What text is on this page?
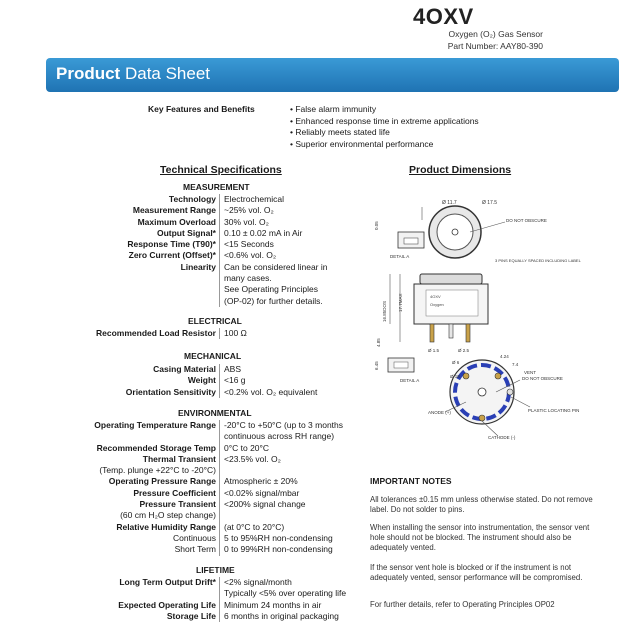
4OXV
Oxygen (O₂) Gas Sensor
Part Number: AAY80-390
Product Data Sheet
Key Features and Benefits	• False alarm immunity
• Enhanced response time in extreme applications
• Reliably meets stated life
• Superior environmental performance
Technical Specifications
MEASUREMENT
Technology	Electrochemical
Measurement Range	~25% vol. O₂
Maximum Overload	30% vol. O₂
Output Signal*	0.10 ± 0.02 mA in Air
Response Time (T90)*	<15 Seconds
Zero Current (Offset)*	<0.6% vol. O₂
Linearity	Can be considered linear in
	many cases.
	See Operating Principles
	(OP-02) for further details.
ELECTRICAL
Recommended Load Resistor	100 Ω
MECHANICAL
Casing Material	ABS
Weight	<16 g
Orientation Sensitivity	<0.2% vol. O₂ equivalent
ENVIRONMENTAL
Operating Temperature Range	-20°C to +50°C (up to 3 months
	continuous across RH range)
Recommended Storage Temp	0°C to 20°C
Thermal Transient	<23.5% vol. O₂
(Temp. plunge +22°C to -20°C)	
Operating Pressure Range	Atmospheric ± 20%
Pressure Coefficient	<0.02% signal/mbar
Pressure Transient	<200% signal change
(60 cm H₂O step change)	
Relative Humidity Range	(at 0°C to 20°C)
Continuous	5 to 95%RH non-condensing
Short Term	0 to 99%RH non-condensing
LIFETIME
Long Term Output Drift*	<2% signal/month
	Typically <5% over operating life
Expected Operating Life	Minimum 24 months in air
Storage Life	6 months in original packaging
Product Dimensions
Ø 11.7	Ø 17.5
DO NOT OBSCURE
3 PINS EQUALLY SPACED INCLUDING LABEL
DETAIL A
0.05
4OXV
Oxygen
17.7MAX
16.85DOS
4.85
Ø 1.5	Ø 2.5
DETAIL A
6.45
4.24
7.4
Ø 18
Ø 6
VENT
DO NOT OBSCURE
PLASTIC LOCATING PIN
ANODE (+)
CATHODE (-)
IMPORTANT NOTES
All tolerances ±0.15 mm unless otherwise stated. Do not remove label. Do not solder to pins.
When installing the sensor into instrumentation, the sensor vent hole should not be blocked. The instrument should also be adequately vented.
If the sensor vent hole is blocked or if the instrument is not adequately vented, sensor performance will be compromised.
For further details, refer to Operating Principles OP02
